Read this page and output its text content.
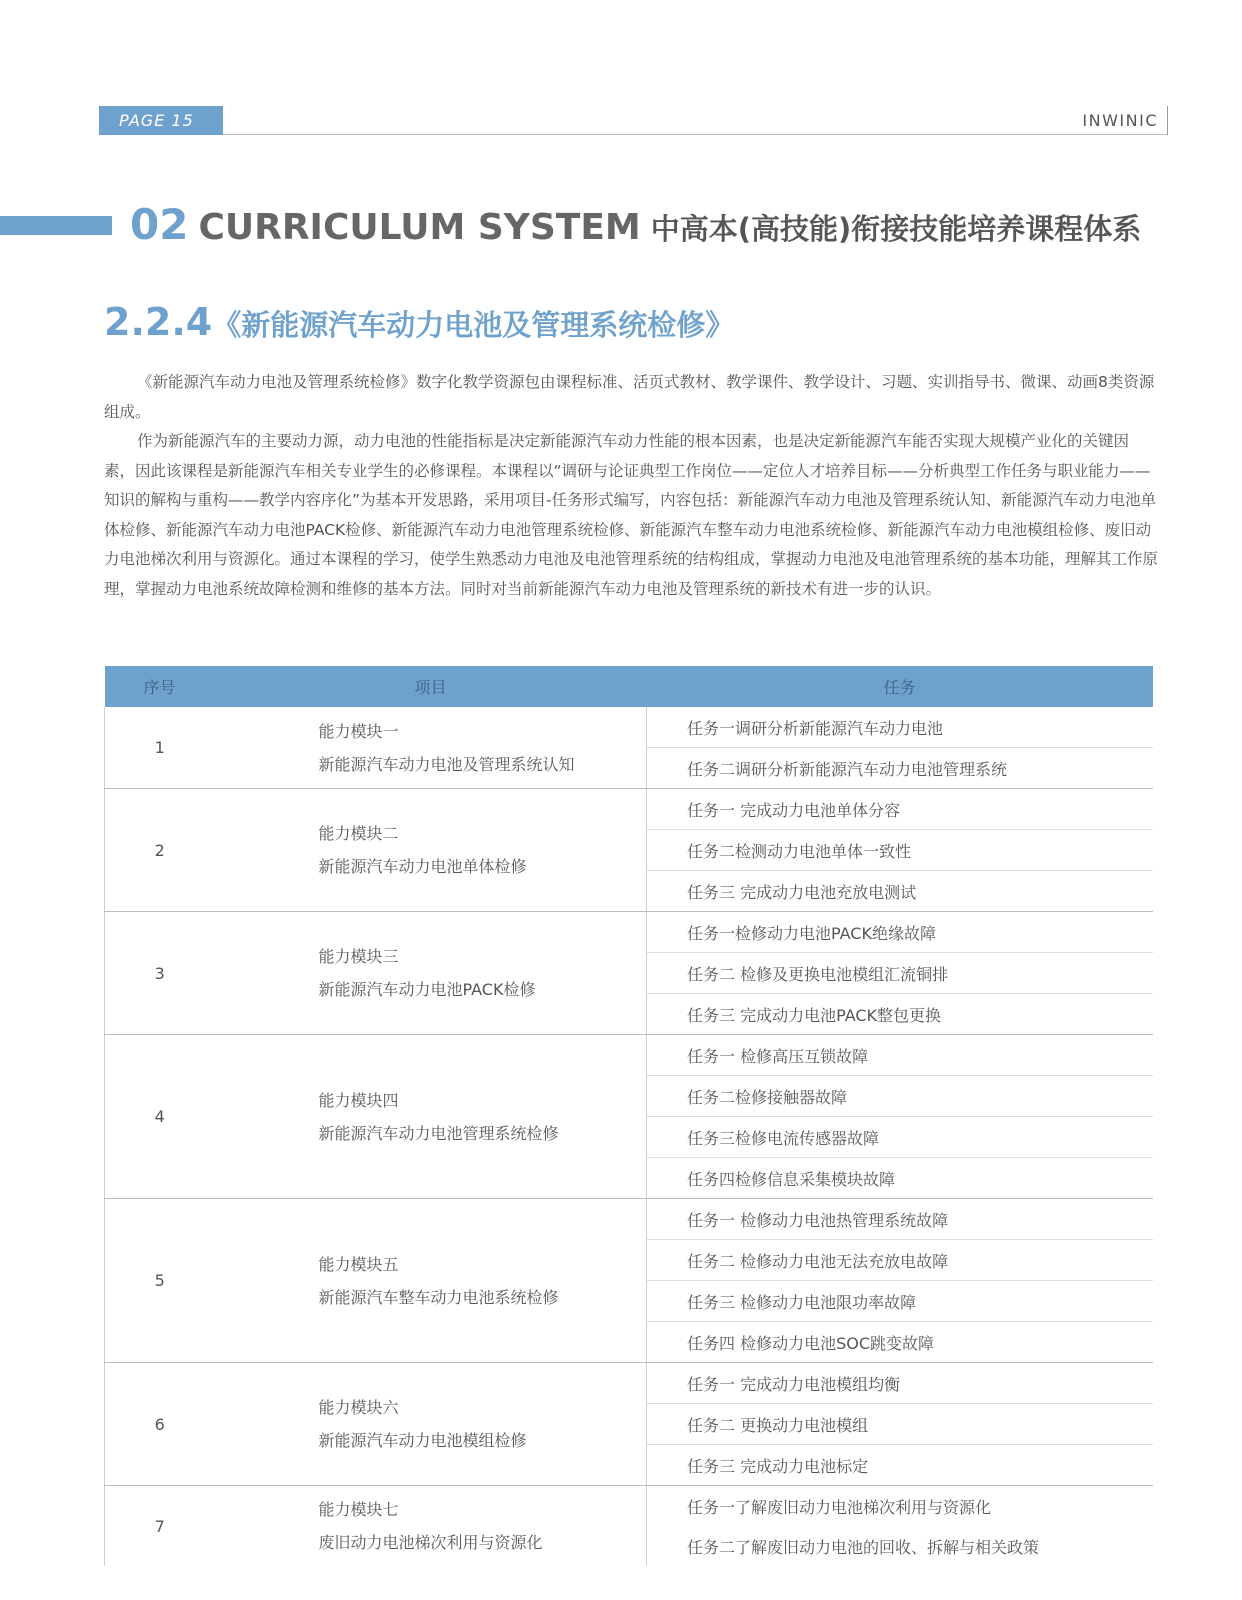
PAGE 15	INWINIC
02 CURRICULUM SYSTEM 中高本(高技能)衔接技能培养课程体系
2.2.4《新能源汽车动力电池及管理系统检修》

《新能源汽车动力电池及管理系统检修》数字化教学资源包由课程标准、活页式教材、教学课件、教学设计、习题、实训指导书、微课、动画8类资源组成。

作为新能源汽车的主要动力源，动力电池的性能指标是决定新能源汽车动力性能的根本因素，也是决定新能源汽车能否实现大规模产业化的关键因素，因此该课程是新能源汽车相关专业学生的必修课程。本课程以“调研与论证典型工作岗位——定位人才培养目标——分析典型工作任务与职业能力——知识的解构与重构——教学内容序化”为基本开发思路，采用项目-任务形式编写，内容包括：新能源汽车动力电池及管理系统认知、新能源汽车动力电池单体检修、新能源汽车动力电池PACK检修、新能源汽车动力电池管理系统检修、新能源汽车整车动力电池系统检修、新能源汽车动力电池模组检修、废旧动力电池梯次利用与资源化。通过本课程的学习，使学生熟悉动力电池及电池管理系统的结构组成，掌握动力电池及电池管理系统的基本功能，理解其工作原理，掌握动力电池系统故障检测和维修的基本方法。同时对当前新能源汽车动力电池及管理系统的新技术有进一步的认识。

序号	项目	任务
1	能力模块一
新能源汽车动力电池及管理系统认知	任务一调研分析新能源汽车动力电池
		任务二调研分析新能源汽车动力电池管理系统
2	能力模块二
新能源汽车动力电池单体检修	任务一 完成动力电池单体分容
		任务二检测动力电池单体一致性
		任务三 完成动力电池充放电测试
3	能力模块三
新能源汽车动力电池PACK检修	任务一检修动力电池PACK绝缘故障
		任务二 检修及更换电池模组汇流铜排
		任务三 完成动力电池PACK整包更换
4	能力模块四
新能源汽车动力电池管理系统检修	任务一 检修高压互锁故障
		任务二检修接触器故障
		任务三检修电流传感器故障
		任务四检修信息采集模块故障
5	能力模块五
新能源汽车整车动力电池系统检修	任务一 检修动力电池热管理系统故障
		任务二 检修动力电池无法充放电故障
		任务三 检修动力电池限功率故障
		任务四 检修动力电池SOC跳变故障
6	能力模块六
新能源汽车动力电池模组检修	任务一 完成动力电池模组均衡
		任务二 更换动力电池模组
		任务三 完成动力电池标定
7	能力模块七
废旧动力电池梯次利用与资源化	任务一了解废旧动力电池梯次利用与资源化
		任务二了解废旧动力电池的回收、拆解与相关政策
